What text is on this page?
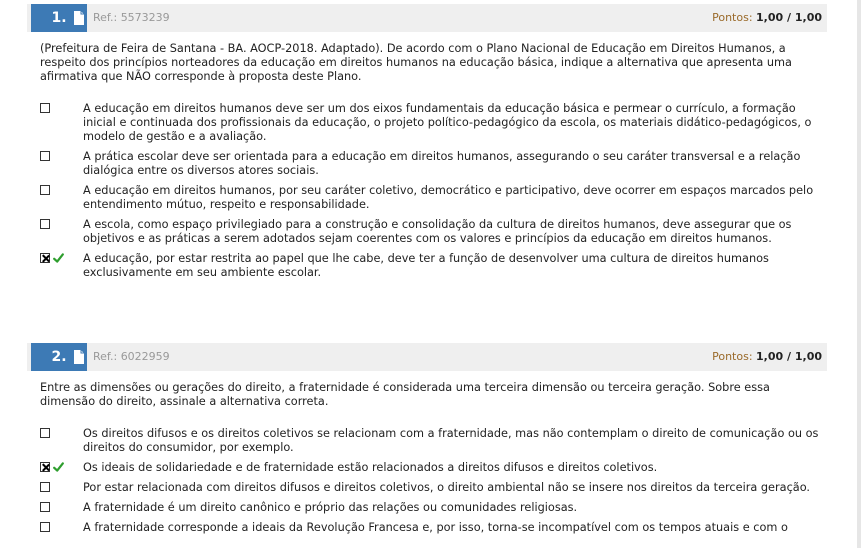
1.	Ref.: 5573239	Pontos: 1,00 / 1,00
(Prefeitura de Feira de Santana - BA. AOCP-2018. Adaptado). De acordo com o Plano Nacional de Educação em Direitos Humanos, a respeito dos princípios norteadores da educação em direitos humanos na educação básica, indique a alternativa que apresenta uma afirmativa que NÃO corresponde à proposta deste Plano.
A educação em direitos humanos deve ser um dos eixos fundamentais da educação básica e permear o currículo, a formação inicial e continuada dos profissionais da educação, o projeto político-pedagógico da escola, os materiais didático-pedagógicos, o modelo de gestão e a avaliação.
A prática escolar deve ser orientada para a educação em direitos humanos, assegurando o seu caráter transversal e a relação dialógica entre os diversos atores sociais.
A educação em direitos humanos, por seu caráter coletivo, democrático e participativo, deve ocorrer em espaços marcados pelo entendimento mútuo, respeito e responsabilidade.
A escola, como espaço privilegiado para a construção e consolidação da cultura de direitos humanos, deve assegurar que os objetivos e as práticas a serem adotados sejam coerentes com os valores e princípios da educação em direitos humanos.
A educação, por estar restrita ao papel que lhe cabe, deve ter a função de desenvolver uma cultura de direitos humanos exclusivamente em seu ambiente escolar.
2.	Ref.: 6022959	Pontos: 1,00 / 1,00
Entre as dimensões ou gerações do direito, a fraternidade é considerada uma terceira dimensão ou terceira geração. Sobre essa dimensão do direito, assinale a alternativa correta.
Os direitos difusos e os direitos coletivos se relacionam com a fraternidade, mas não contemplam o direito de comunicação ou os direitos do consumidor, por exemplo.
Os ideais de solidariedade e de fraternidade estão relacionados a direitos difusos e direitos coletivos.
Por estar relacionada com direitos difusos e direitos coletivos, o direito ambiental não se insere nos direitos da terceira geração.
A fraternidade é um direito canônico e próprio das relações ou comunidades religiosas.
A fraternidade corresponde a ideais da Revolução Francesa e, por isso, torna-se incompatível com os tempos atuais e com o
